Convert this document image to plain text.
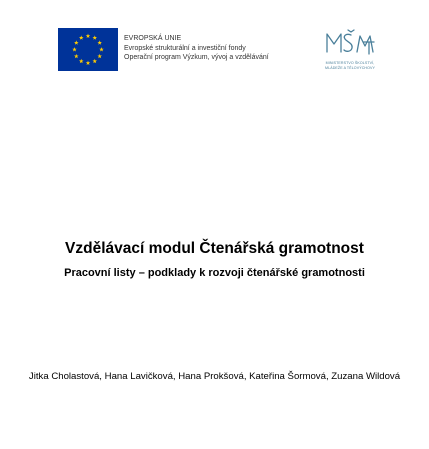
EVROPSKÁ UNIE
Evropské strukturální a investiční fondy
Operační program Výzkum, vývoj a vzdělávání
MINISTERSTVO ŠKOLSTVÍ,
MLÁDEŽE A TĚLOVÝCHOVY
Vzdělávací modul Čtenářská gramotnost
Pracovní listy – podklady k rozvoji čtenářské gramotnosti
Jitka Cholastová, Hana Lavičková, Hana Prokšová, Kateřina Šormová, Zuzana Wildová
